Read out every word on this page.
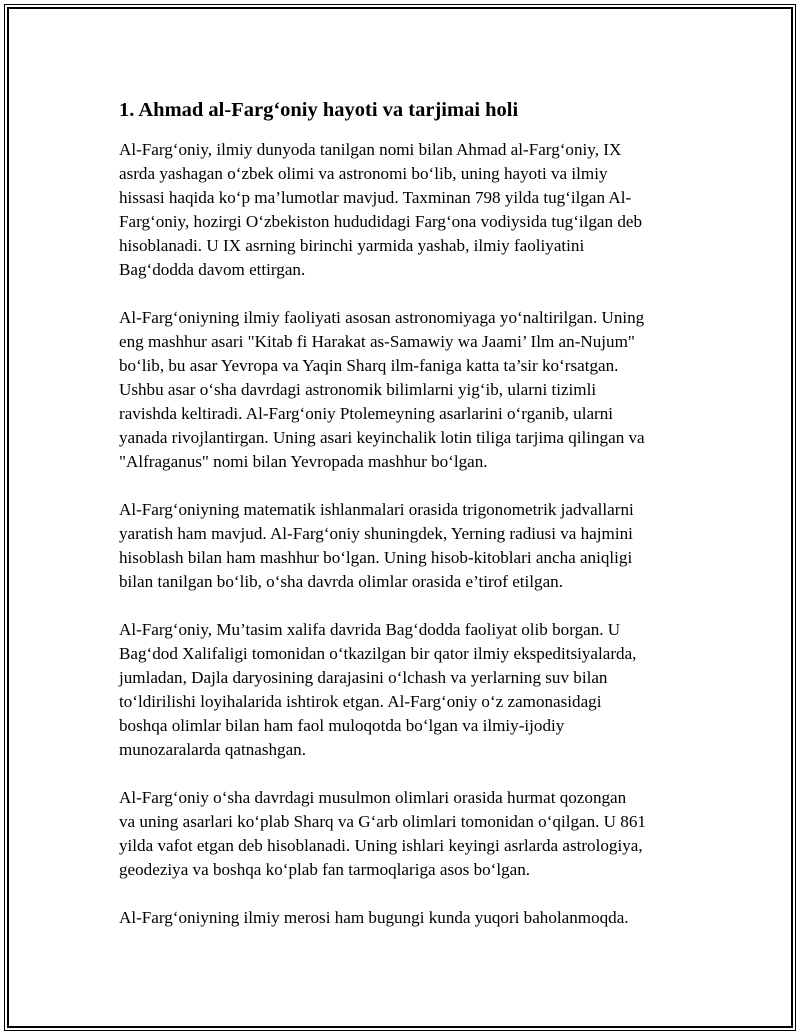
1. Ahmad al-Farg‘oniy hayoti va tarjimai holi

Al-Farg‘oniy, ilmiy dunyoda tanilgan nomi bilan Ahmad al-Farg‘oniy, IX
asrda yashagan o‘zbek olimi va astronomi bo‘lib, uning hayoti va ilmiy
hissasi haqida ko‘p ma’lumotlar mavjud. Taxminan 798 yilda tug‘ilgan Al-
Farg‘oniy, hozirgi O‘zbekiston hududidagi Farg‘ona vodiysida tug‘ilgan deb
hisoblanadi. U IX asrning birinchi yarmida yashab, ilmiy faoliyatini
Bag‘dodda davom ettirgan.

Al-Farg‘oniyning ilmiy faoliyati asosan astronomiyaga yo‘naltirilgan. Uning
eng mashhur asari "Kitab fi Harakat as-Samawiy wa Jaami’ Ilm an-Nujum"
bo‘lib, bu asar Yevropa va Yaqin Sharq ilm-faniga katta ta’sir ko‘rsatgan.
Ushbu asar o‘sha davrdagi astronomik bilimlarni yig‘ib, ularni tizimli
ravishda keltiradi. Al-Farg‘oniy Ptolemeyning asarlarini o‘rganib, ularni
yanada rivojlantirgan. Uning asari keyinchalik lotin tiliga tarjima qilingan va
"Alfraganus" nomi bilan Yevropada mashhur bo‘lgan.

Al-Farg‘oniyning matematik ishlanmalari orasida trigonometrik jadvallarni
yaratish ham mavjud. Al-Farg‘oniy shuningdek, Yerning radiusi va hajmini
hisoblash bilan ham mashhur bo‘lgan. Uning hisob-kitoblari ancha aniqligi
bilan tanilgan bo‘lib, o‘sha davrda olimlar orasida e’tirof etilgan.

Al-Farg‘oniy, Mu’tasim xalifa davrida Bag‘dodda faoliyat olib borgan. U
Bag‘dod Xalifaligi tomonidan o‘tkazilgan bir qator ilmiy ekspeditsiyalarda,
jumladan, Dajla daryosining darajasini o‘lchash va yerlarning suv bilan
to‘ldirilishi loyihalarida ishtirok etgan. Al-Farg‘oniy o‘z zamonasidagi
boshqa olimlar bilan ham faol muloqotda bo‘lgan va ilmiy-ijodiy
munozaralarda qatnashgan.

Al-Farg‘oniy o‘sha davrdagi musulmon olimlari orasida hurmat qozongan
va uning asarlari ko‘plab Sharq va G‘arb olimlari tomonidan o‘qilgan. U 861
yilda vafot etgan deb hisoblanadi. Uning ishlari keyingi asrlarda astrologiya,
geodeziya va boshqa ko‘plab fan tarmoqlariga asos bo‘lgan.

Al-Farg‘oniyning ilmiy merosi ham bugungi kunda yuqori baholanmoqda.
